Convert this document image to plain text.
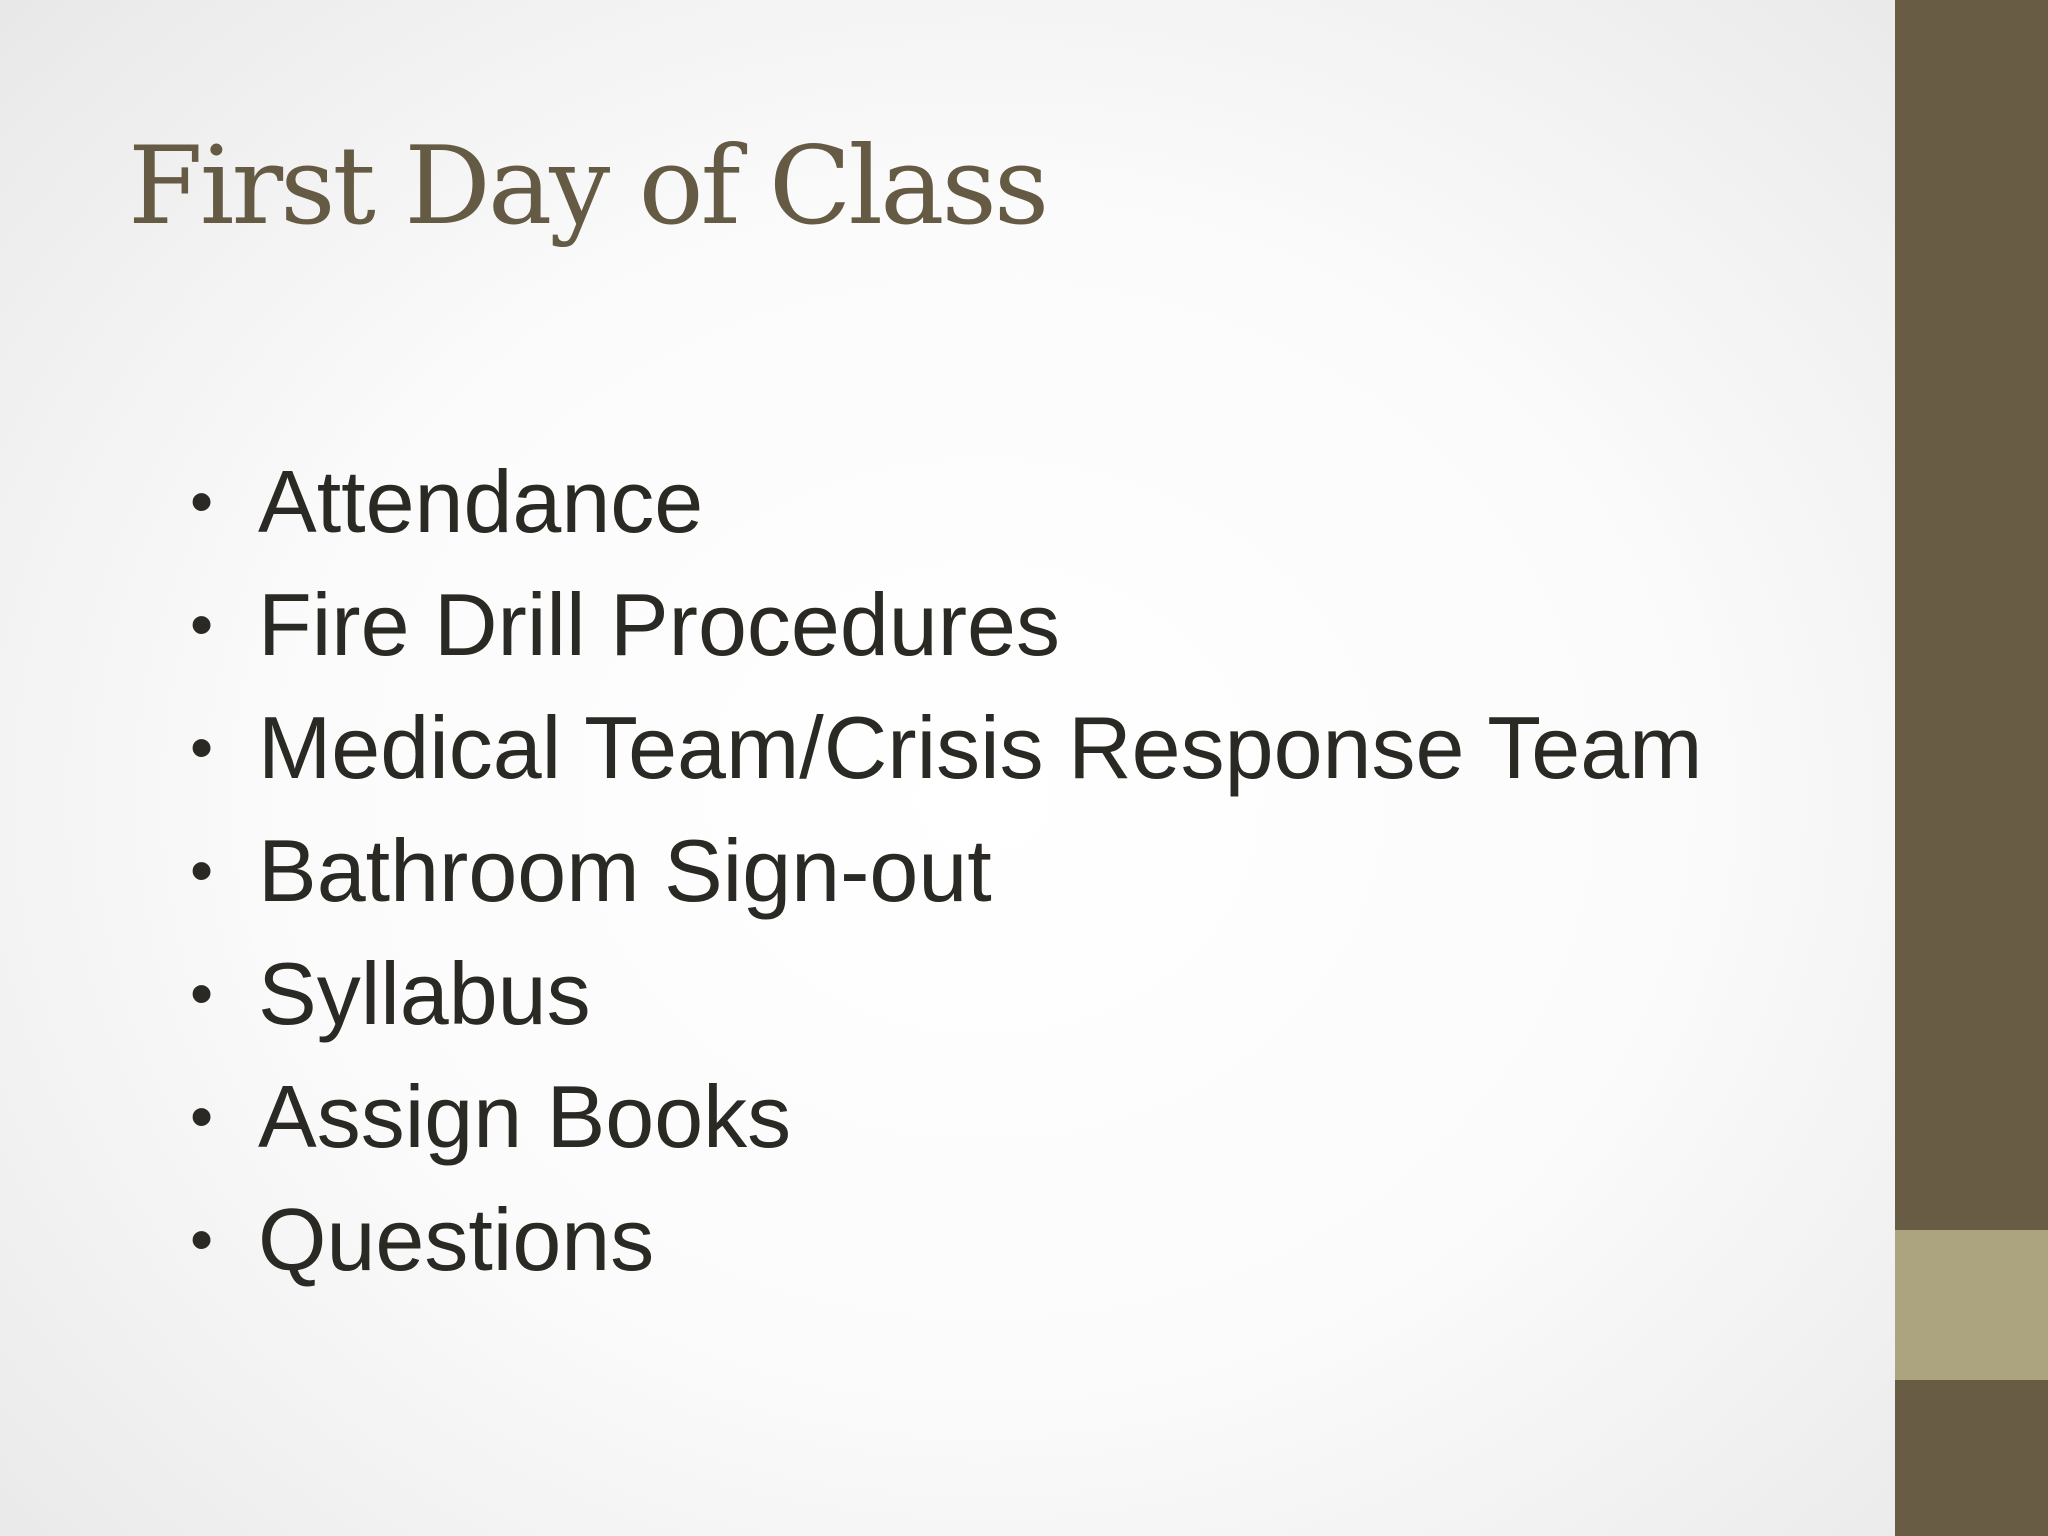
First Day of Class
• Attendance
• Fire Drill Procedures
• Medical Team/Crisis Response Team
• Bathroom Sign-out
• Syllabus
• Assign Books
• Questions
